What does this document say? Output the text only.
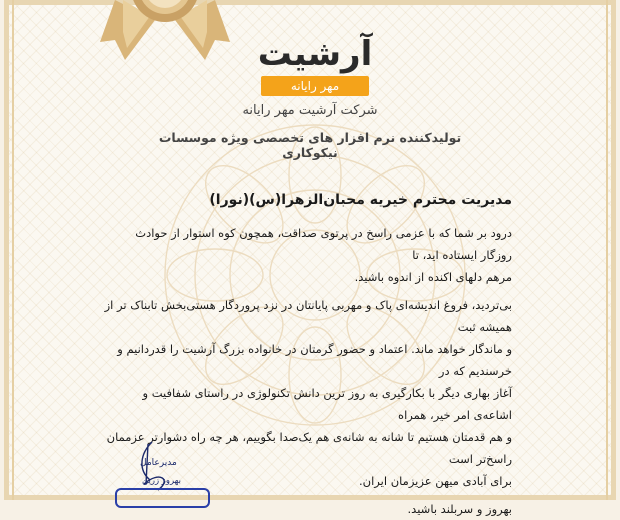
آرشیت
مهر رایانه
شرکت آرشیت مهر رایانه
تولیدکننده نرم افزار های تخصصی ویژه موسسات نیکوکاری
مدیریت محترم خیریه محبان‌الزهرا(س)(نورا)

درود بر شما که با عزمی راسخ در پرتوی صداقت، همچون کوه استوار از حوادث روزگار ایستاده اید، تا

مرهم دلهای اکنده از اندوه باشید.

بی‌تردید، فروغ اندیشه‌ای پاک و مهربی پایانتان در نزد پروردگار هستی‌بخش تابناک تر از همیشه ثبت

و ماندگار خواهد ماند. اعتماد و حضور گرمتان در خانواده بزرگ آرشیت را قدردانیم و خرسندیم که در

آغاز بهاری دیگر با بکارگیری به روز ترین دانش تکنولوژی در راستای شفافیت و اشاعه‌ی امر خیر، همراه

و هم قدمتان هستیم تا شانه به شانه‌ی هم یک‌صدا بگوییم، هر چه راه دشوارتر عزممان راسخ‌تر است

برای آبادی میهن عزیزمان ایران.

بهروز و سربلند باشید.

مدیرعامل
بهروز زرین
